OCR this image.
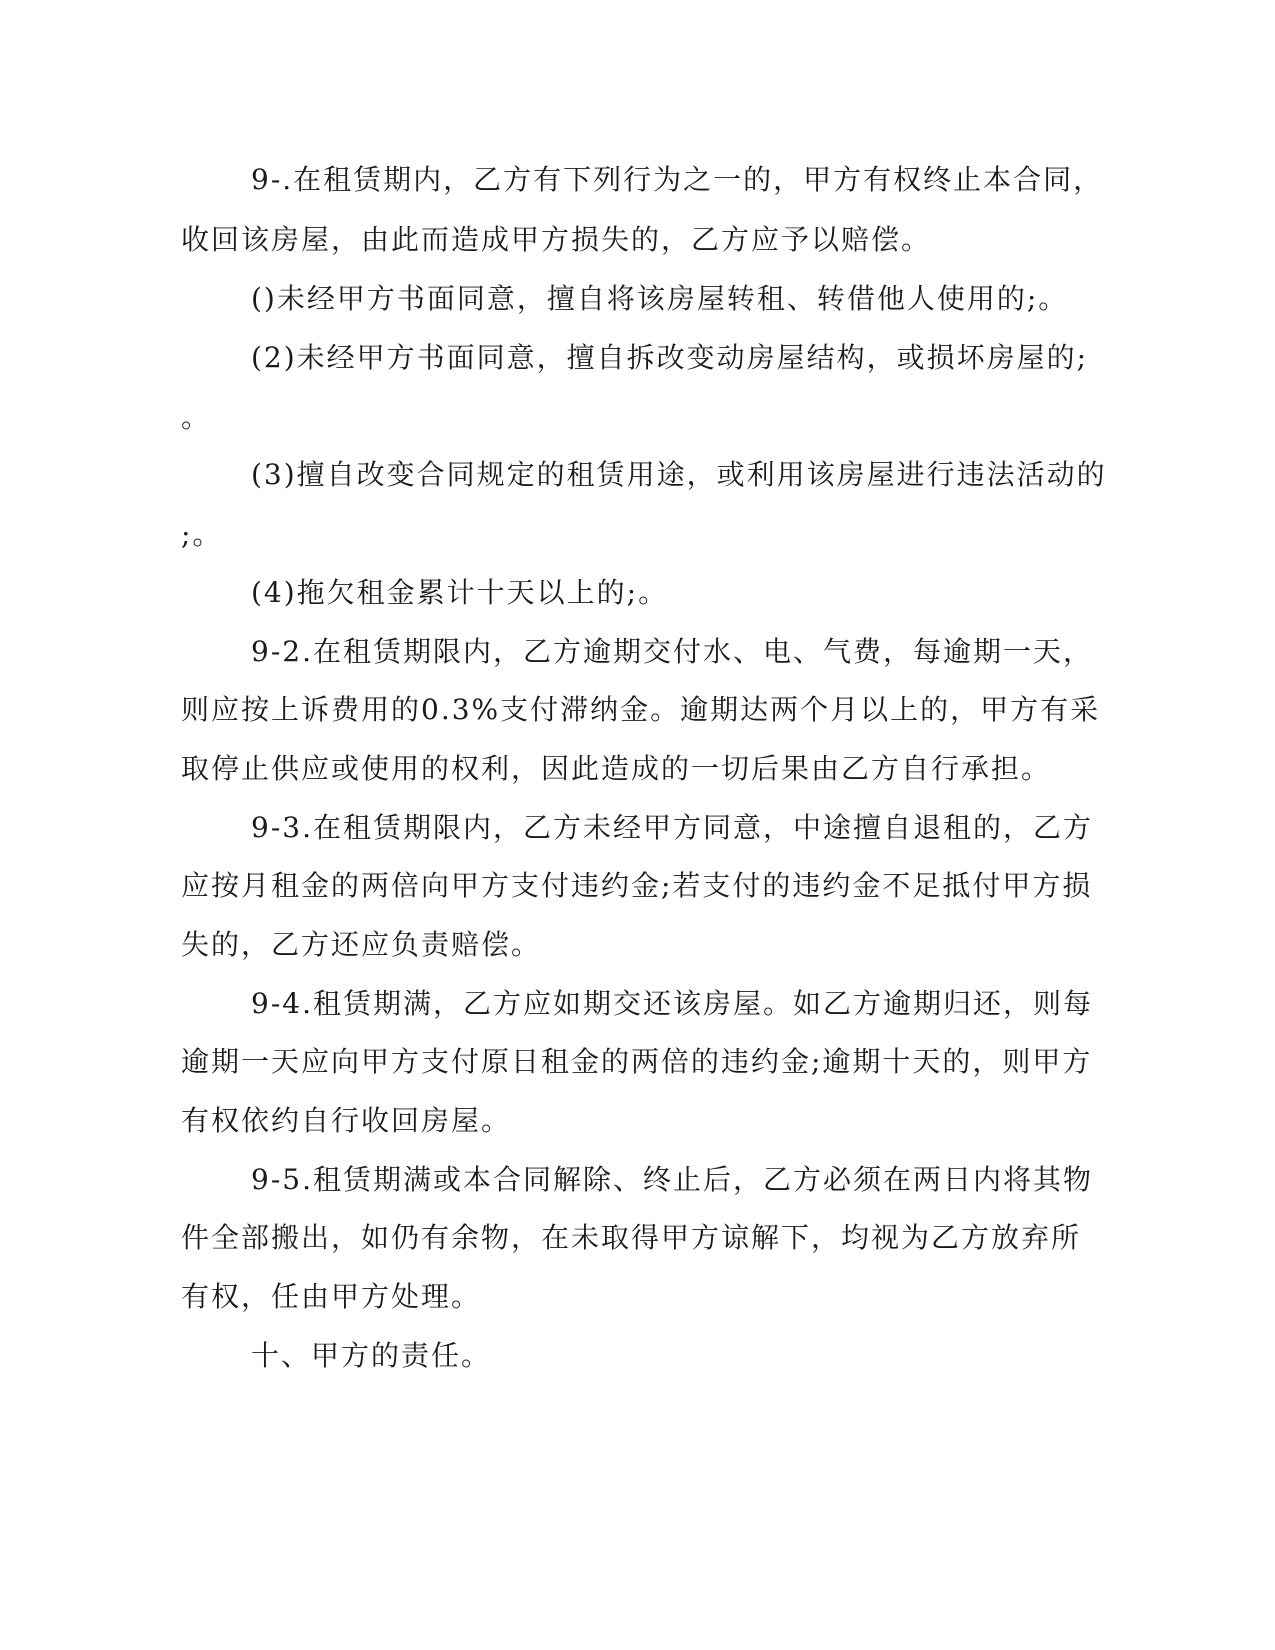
9-.在租赁期内，乙方有下列行为之一的，甲方有权终止本合同，
收回该房屋，由此而造成甲方损失的，乙方应予以赔偿。
()未经甲方书面同意，擅自将该房屋转租、转借他人使用的;。
(2)未经甲方书面同意，擅自拆改变动房屋结构，或损坏房屋的;
。
(3)擅自改变合同规定的租赁用途，或利用该房屋进行违法活动的
;。
(4)拖欠租金累计十天以上的;。
9-2.在租赁期限内，乙方逾期交付水、电、气费，每逾期一天，
则应按上诉费用的0.3%支付滞纳金。逾期达两个月以上的，甲方有采
取停止供应或使用的权利，因此造成的一切后果由乙方自行承担。
9-3.在租赁期限内，乙方未经甲方同意，中途擅自退租的，乙方
应按月租金的两倍向甲方支付违约金;若支付的违约金不足抵付甲方损
失的，乙方还应负责赔偿。
9-4.租赁期满，乙方应如期交还该房屋。如乙方逾期归还，则每
逾期一天应向甲方支付原日租金的两倍的违约金;逾期十天的，则甲方
有权依约自行收回房屋。
9-5.租赁期满或本合同解除、终止后，乙方必须在两日内将其物
件全部搬出，如仍有余物，在未取得甲方谅解下，均视为乙方放弃所
有权，任由甲方处理。
十、甲方的责任。
